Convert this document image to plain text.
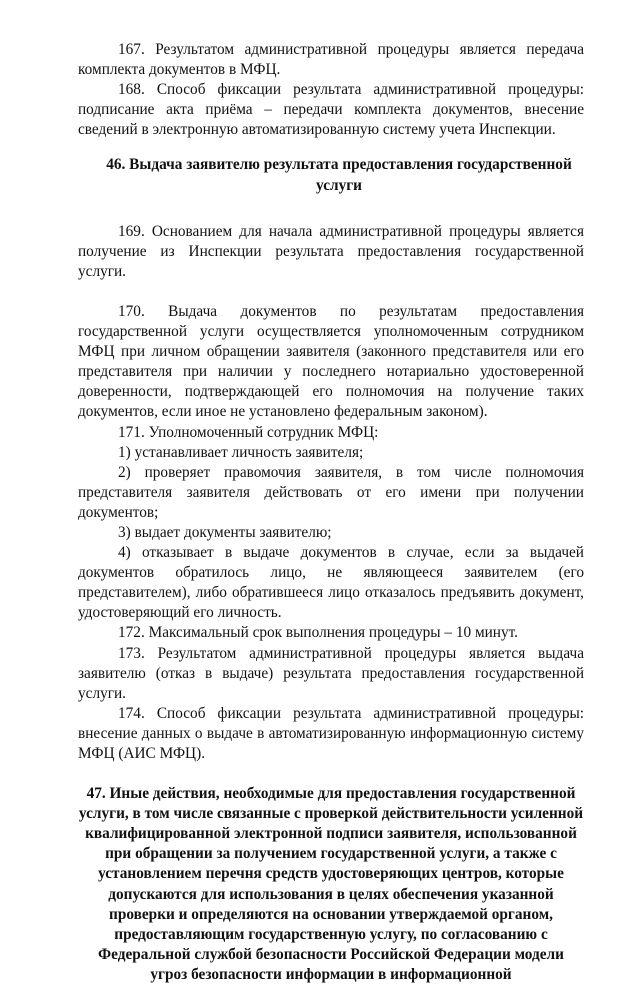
167. Результатом административной процедуры является передача комплекта документов в МФЦ.

168. Способ фиксации результата административной процедуры: подписание акта приёма – передачи комплекта документов, внесение сведений в электронную автоматизированную систему учета Инспекции.

46. Выдача заявителю результата предоставления государственной услуги

169. Основанием для начала административной процедуры является получение из Инспекции результата предоставления государственной услуги.

170. Выдача документов по результатам предоставления государственной услуги осуществляется уполномоченным сотрудником МФЦ при личном обращении заявителя (законного представителя или его представителя при наличии у последнего нотариально удостоверенной доверенности, подтверждающей его полномочия на получение таких документов, если иное не установлено федеральным законом).

171. Уполномоченный сотрудник МФЦ:

1) устанавливает личность заявителя;

2) проверяет правомочия заявителя, в том числе полномочия представителя заявителя действовать от его имени при получении документов;

3) выдает документы заявителю;

4) отказывает в выдаче документов в случае, если за выдачей документов обратилось лицо, не являющееся заявителем (его представителем), либо обратившееся лицо отказалось предъявить документ, удостоверяющий его личность.

172. Максимальный срок выполнения процедуры – 10 минут.

173. Результатом административной процедуры является выдача заявителю (отказ в выдаче) результата предоставления государственной услуги.

174. Способ фиксации результата административной процедуры: внесение данных о выдаче в автоматизированную информационную систему МФЦ (АИС МФЦ).

47. Иные действия, необходимые для предоставления государственной услуги, в том числе связанные с проверкой действительности усиленной квалифицированной электронной подписи заявителя, использованной при обращении за получением государственной услуги, а также с установлением перечня средств удостоверяющих центров, которые допускаются для использования в целях обеспечения указанной проверки и определяются на основании утверждаемой органом, предоставляющим государственную услугу, по согласованию с Федеральной службой безопасности Российской Федерации модели угроз безопасности информации в информационной
